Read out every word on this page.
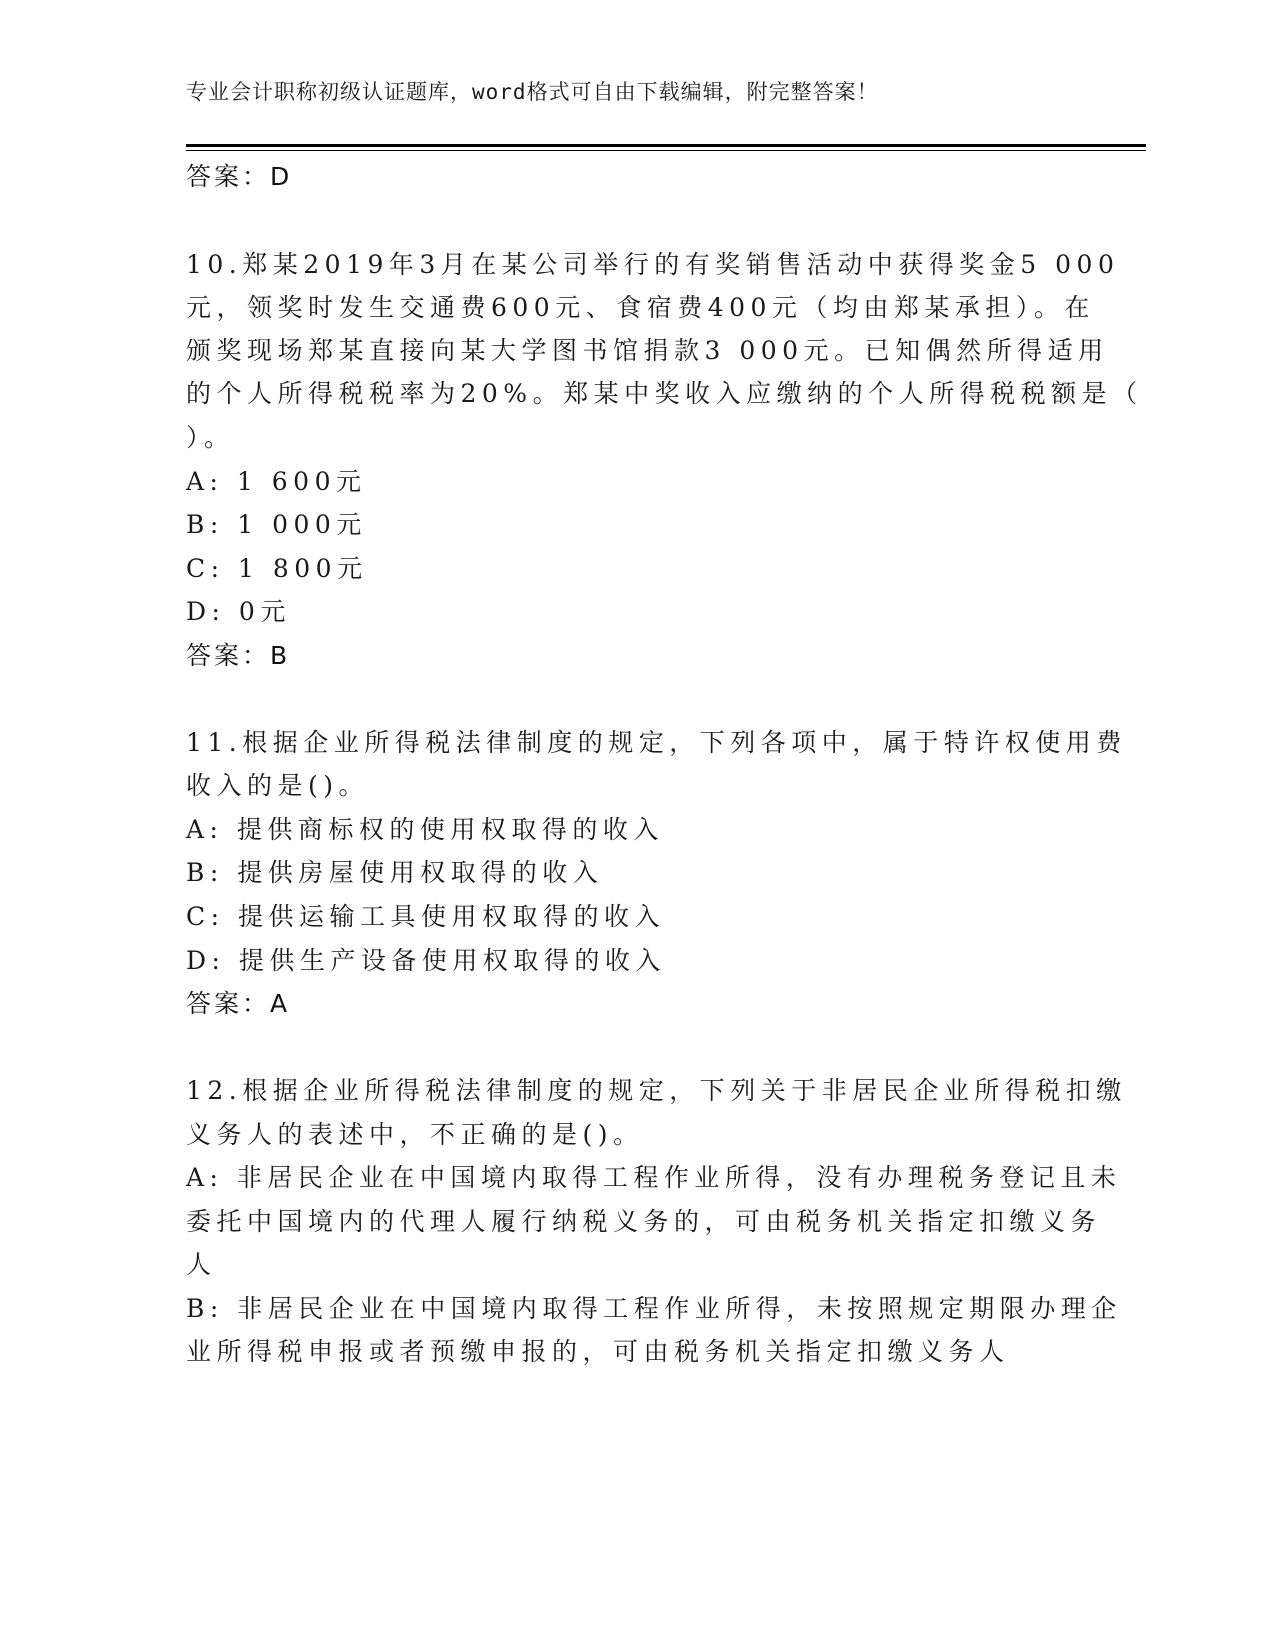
专业会计职称初级认证题库，word格式可自由下载编辑，附完整答案！
答案：D
10.郑某2019年3月在某公司举行的有奖销售活动中获得奖金5 000
元，领奖时发生交通费600元、食宿费400元（均由郑某承担）。在
颁奖现场郑某直接向某大学图书馆捐款3 000元。已知偶然所得适用
的个人所得税税率为20%。郑某中奖收入应缴纳的个人所得税税额是（
）。
A: 1 600元
B: 1 000元
C: 1 800元
D: 0元
答案：B
11.根据企业所得税法律制度的规定，下列各项中，属于特许权使用费
收入的是()。
A: 提供商标权的使用权取得的收入
B: 提供房屋使用权取得的收入
C: 提供运输工具使用权取得的收入
D: 提供生产设备使用权取得的收入
答案：A
12.根据企业所得税法律制度的规定，下列关于非居民企业所得税扣缴
义务人的表述中，不正确的是()。
A: 非居民企业在中国境内取得工程作业所得，没有办理税务登记且未
委托中国境内的代理人履行纳税义务的，可由税务机关指定扣缴义务
人
B: 非居民企业在中国境内取得工程作业所得，未按照规定期限办理企
业所得税申报或者预缴申报的，可由税务机关指定扣缴义务人
